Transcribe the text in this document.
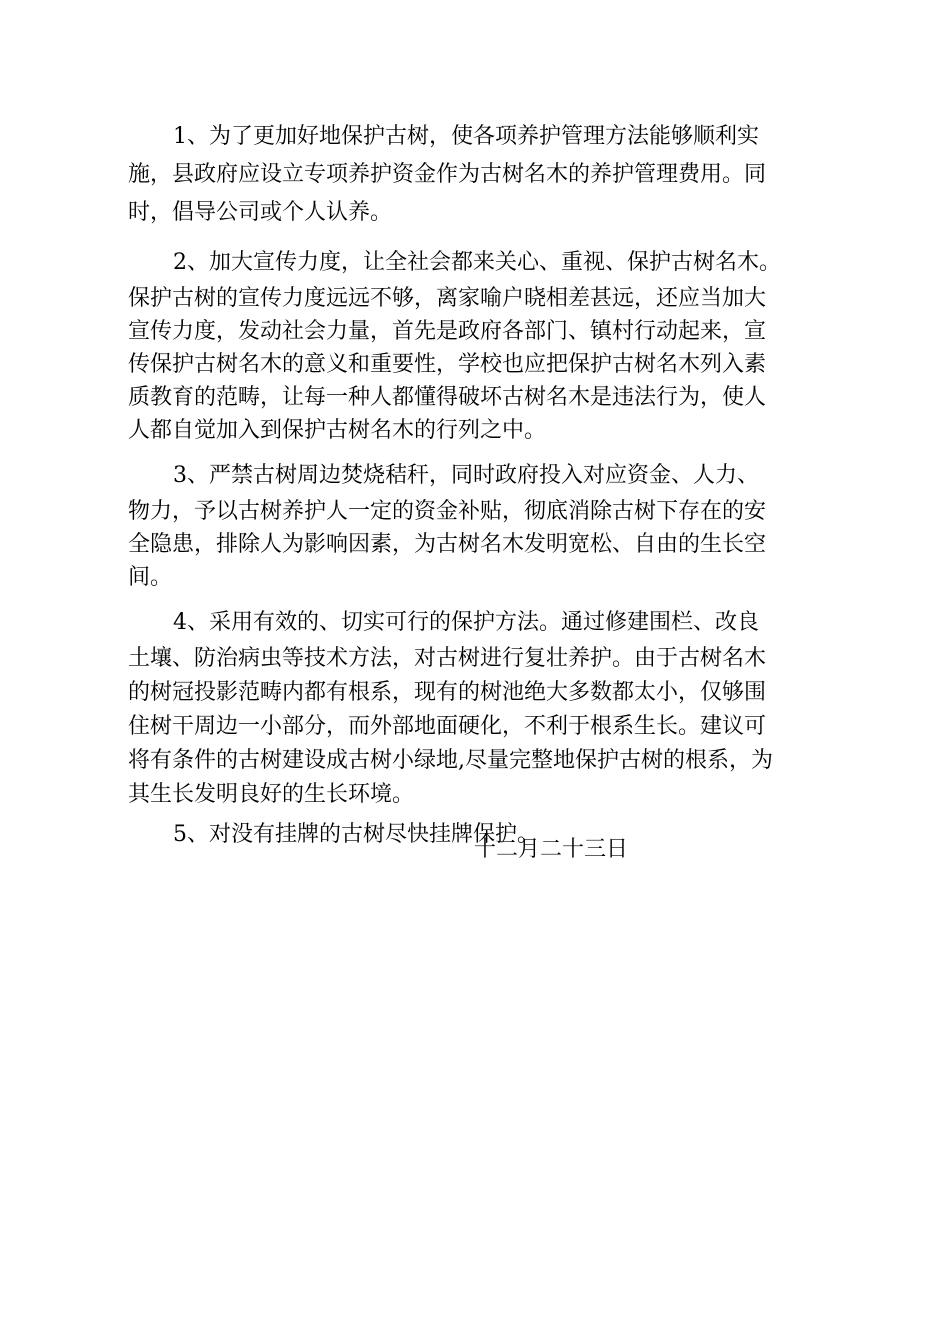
1、为了更加好地保护古树，使各项养护管理方法能够顺利实
施，县政府应设立专项养护资金作为古树名木的养护管理费用。同
时，倡导公司或个人认养。
2、加大宣传力度，让全社会都来关心、重视、保护古树名木。
保护古树的宣传力度远远不够，离家喻户晓相差甚远，还应当加大
宣传力度，发动社会力量，首先是政府各部门、镇村行动起来，宣
传保护古树名木的意义和重要性，学校也应把保护古树名木列入素
质教育的范畴，让每一种人都懂得破坏古树名木是违法行为，使人
人都自觉加入到保护古树名木的行列之中。
3、严禁古树周边焚烧秸秆，同时政府投入对应资金、人力、
物力，予以古树养护人一定的资金补贴，彻底消除古树下存在的安
全隐患，排除人为影响因素，为古树名木发明宽松、自由的生长空
间。
4、采用有效的、切实可行的保护方法。通过修建围栏、改良
土壤、防治病虫等技术方法，对古树进行复壮养护。由于古树名木
的树冠投影范畴内都有根系，现有的树池绝大多数都太小，仅够围
住树干周边一小部分，而外部地面硬化，不利于根系生长。建议可
将有条件的古树建设成古树小绿地,尽量完整地保护古树的根系，为
其生长发明良好的生长环境。
5、对没有挂牌的古树尽快挂牌保护。
十二月二十三日
